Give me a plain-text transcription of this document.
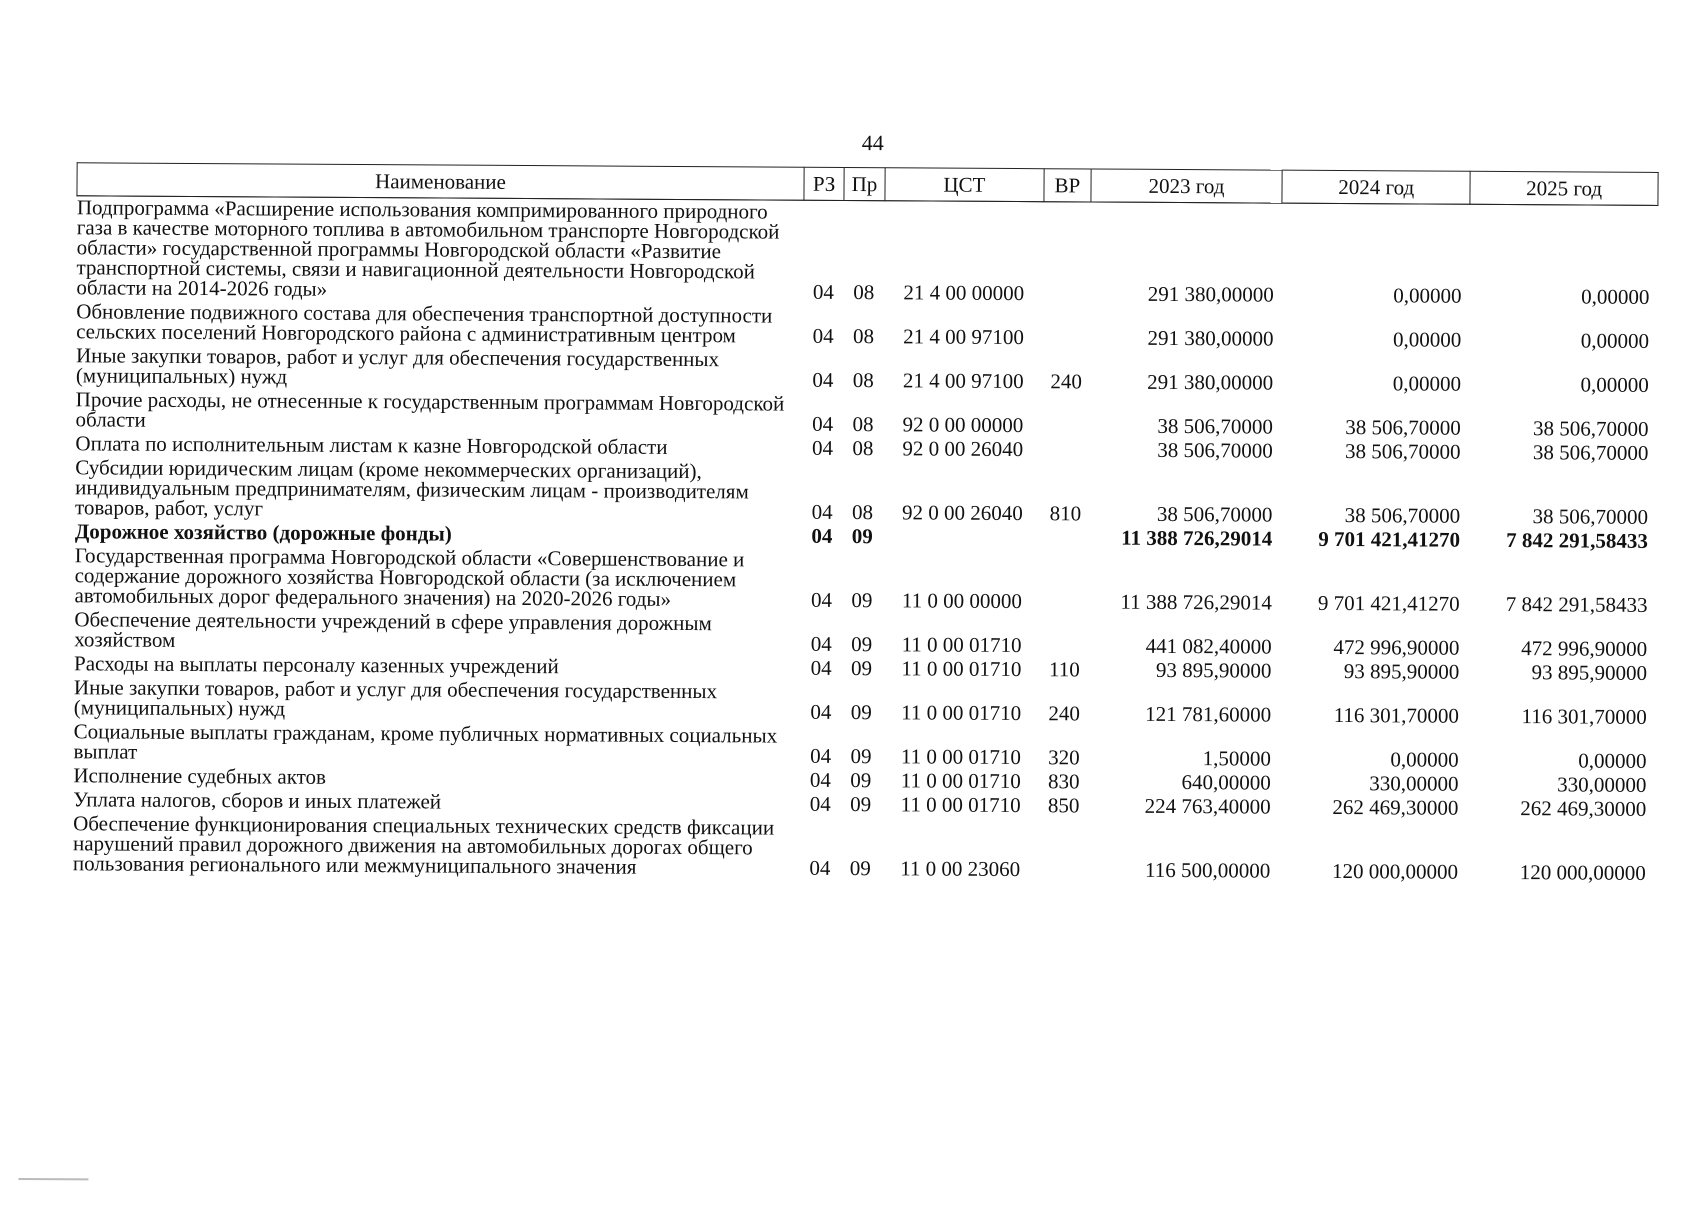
44
Наименование	РЗ	Пр	ЦСТ	ВР	2023 год	2024 год	2025 год
Подпрограмма «Расширение использования компримированного природного газа в качестве моторного топлива в автомобильном транспорте Новгородской области» государственной программы Новгородской области «Развитие транспортной системы, связи и навигационной деятельности Новгородской области на 2014-2026 годы»	04	08	21 4 00 00000		291 380,00000	0,00000	0,00000
Обновление подвижного состава для обеспечения транспортной доступности сельских поселений Новгородского района с административным центром	04	08	21 4 00 97100		291 380,00000	0,00000	0,00000
Иные закупки товаров, работ и услуг для обеспечения государственных (муниципальных) нужд	04	08	21 4 00 97100	240	291 380,00000	0,00000	0,00000
Прочие расходы, не отнесенные к государственным программам Новгородской области	04	08	92 0 00 00000		38 506,70000	38 506,70000	38 506,70000
Оплата по исполнительным листам к казне Новгородской области	04	08	92 0 00 26040		38 506,70000	38 506,70000	38 506,70000
Субсидии юридическим лицам (кроме некоммерческих организаций), индивидуальным предпринимателям, физическим лицам - производителям товаров, работ, услуг	04	08	92 0 00 26040	810	38 506,70000	38 506,70000	38 506,70000
Дорожное хозяйство (дорожные фонды)	04	09			11 388 726,29014	9 701 421,41270	7 842 291,58433
Государственная программа Новгородской области «Совершенствование и содержание дорожного хозяйства Новгородской области (за исключением автомобильных дорог федерального значения) на 2020-2026 годы»	04	09	11 0 00 00000		11 388 726,29014	9 701 421,41270	7 842 291,58433
Обеспечение деятельности учреждений в сфере управления дорожным хозяйством	04	09	11 0 00 01710		441 082,40000	472 996,90000	472 996,90000
Расходы на выплаты персоналу казенных учреждений	04	09	11 0 00 01710	110	93 895,90000	93 895,90000	93 895,90000
Иные закупки товаров, работ и услуг для обеспечения государственных (муниципальных) нужд	04	09	11 0 00 01710	240	121 781,60000	116 301,70000	116 301,70000
Социальные выплаты гражданам, кроме публичных нормативных социальных выплат	04	09	11 0 00 01710	320	1,50000	0,00000	0,00000
Исполнение судебных актов	04	09	11 0 00 01710	830	640,00000	330,00000	330,00000
Уплата налогов, сборов и иных платежей	04	09	11 0 00 01710	850	224 763,40000	262 469,30000	262 469,30000
Обеспечение функционирования специальных технических средств фиксации нарушений правил дорожного движения на автомобильных дорогах общего пользования регионального или межмуниципального значения	04	09	11 0 00 23060		116 500,00000	120 000,00000	120 000,00000
